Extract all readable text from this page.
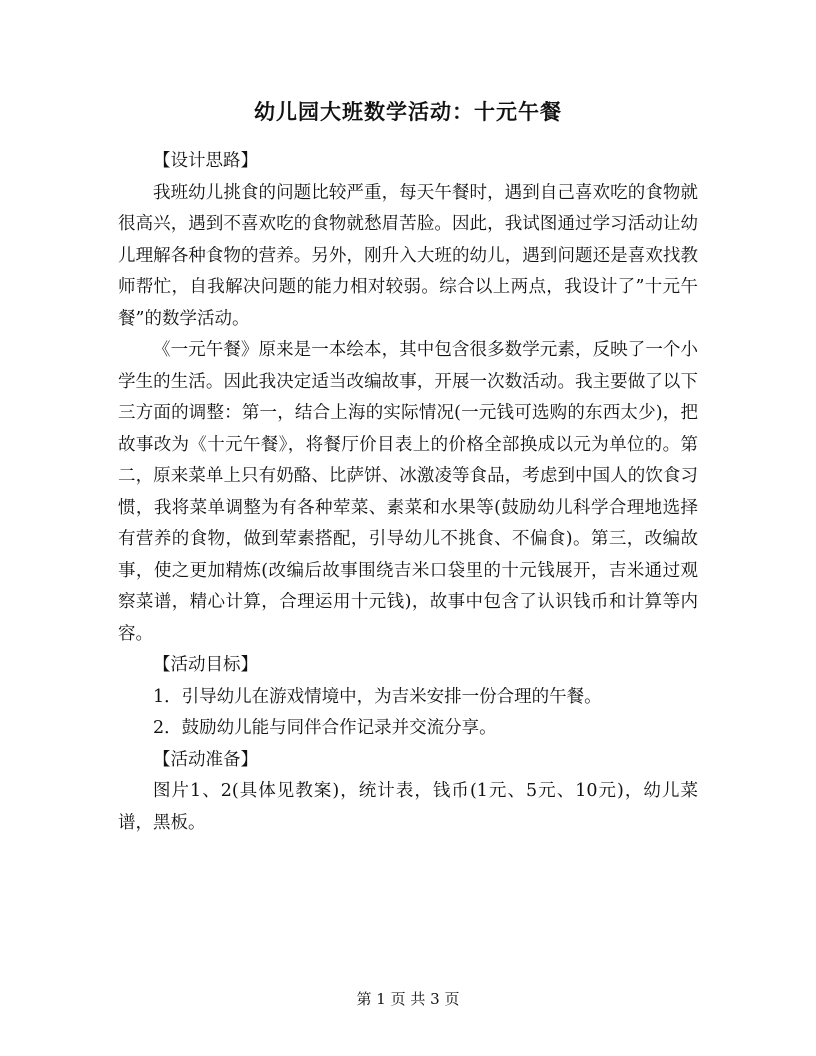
幼儿园大班数学活动：十元午餐

【设计思路】

我班幼儿挑食的问题比较严重，每天午餐时，遇到自己喜欢吃的食物就很高兴，遇到不喜欢吃的食物就愁眉苦脸。因此，我试图通过学习活动让幼儿理解各种食物的营养。另外，刚升入大班的幼儿，遇到问题还是喜欢找教师帮忙，自我解决问题的能力相对较弱。综合以上两点，我设计了”十元午餐”的数学活动。

《一元午餐》原来是一本绘本，其中包含很多数学元素，反映了一个小学生的生活。因此我决定适当改编故事，开展一次数活动。我主要做了以下三方面的调整：第一，结合上海的实际情况(一元钱可选购的东西太少)，把故事改为《十元午餐》，将餐厅价目表上的价格全部换成以元为单位的。第二，原来菜单上只有奶酪、比萨饼、冰激凌等食品，考虑到中国人的饮食习惯，我将菜单调整为有各种荤菜、素菜和水果等(鼓励幼儿科学合理地选择有营养的食物，做到荤素搭配，引导幼儿不挑食、不偏食)。第三，改编故事，使之更加精炼(改编后故事围绕吉米口袋里的十元钱展开，吉米通过观察菜谱，精心计算，合理运用十元钱)，故事中包含了认识钱币和计算等内容。

【活动目标】

1．引导幼儿在游戏情境中，为吉米安排一份合理的午餐。

2．鼓励幼儿能与同伴合作记录并交流分享。

【活动准备】

图片1、2(具体见教案)，统计表，钱币(1元、5元、10元)，幼儿菜谱，黑板。

第 1 页 共 3 页
